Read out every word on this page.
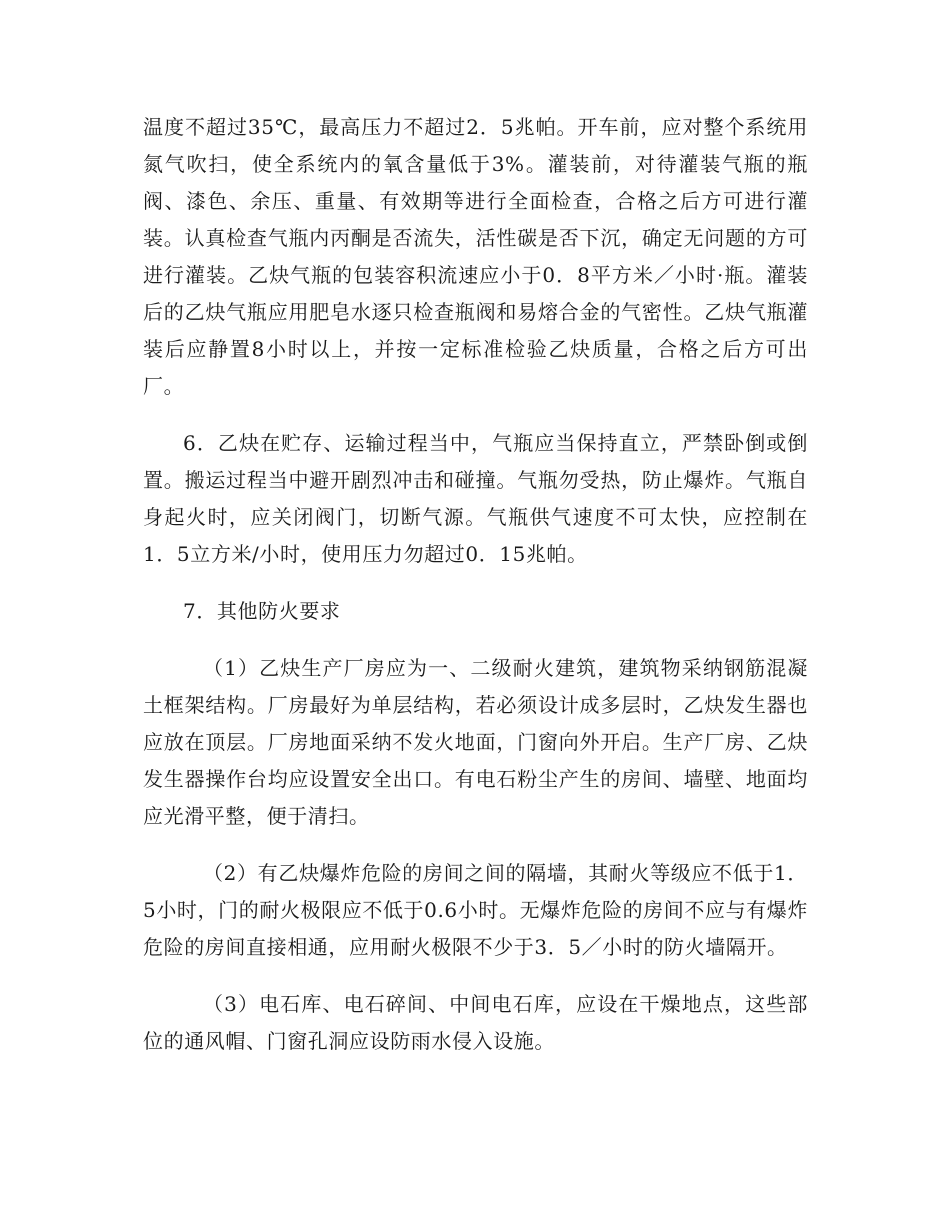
温度不超过35℃，最高压力不超过2．5兆帕。开车前，应对整个系统用氮气吹扫，使全系统内的氧含量低于3%。灌装前，对待灌装气瓶的瓶阀、漆色、余压、重量、有效期等进行全面检查，合格之后方可进行灌装。认真检查气瓶内丙酮是否流失，活性碳是否下沉，确定无问题的方可进行灌装。乙炔气瓶的包装容积流速应小于0．8平方米／小时·瓶。灌装后的乙炔气瓶应用肥皂水逐只检查瓶阀和易熔合金的气密性。乙炔气瓶灌装后应静置8小时以上，并按一定标准检验乙炔质量，合格之后方可出厂。

6．乙炔在贮存、运输过程当中，气瓶应当保持直立，严禁卧倒或倒置。搬运过程当中避开剧烈冲击和碰撞。气瓶勿受热，防止爆炸。气瓶自身起火时，应关闭阀门，切断气源。气瓶供气速度不可太快，应控制在1．5立方米/小时，使用压力勿超过0．15兆帕。

7．其他防火要求

（1）乙炔生产厂房应为一、二级耐火建筑，建筑物采纳钢筋混凝土框架结构。厂房最好为单层结构，若必须设计成多层时，乙炔发生器也应放在顶层。厂房地面采纳不发火地面，门窗向外开启。生产厂房、乙炔发生器操作台均应设置安全出口。有电石粉尘产生的房间、墙壁、地面均应光滑平整，便于清扫。

（2）有乙炔爆炸危险的房间之间的隔墙，其耐火等级应不低于1．5小时，门的耐火极限应不低于0.6小时。无爆炸危险的房间不应与有爆炸危险的房间直接相通，应用耐火极限不少于3．5／小时的防火墙隔开。

（3）电石库、电石碎间、中间电石库，应设在干燥地点，这些部位的通风帽、门窗孔洞应设防雨水侵入设施。
